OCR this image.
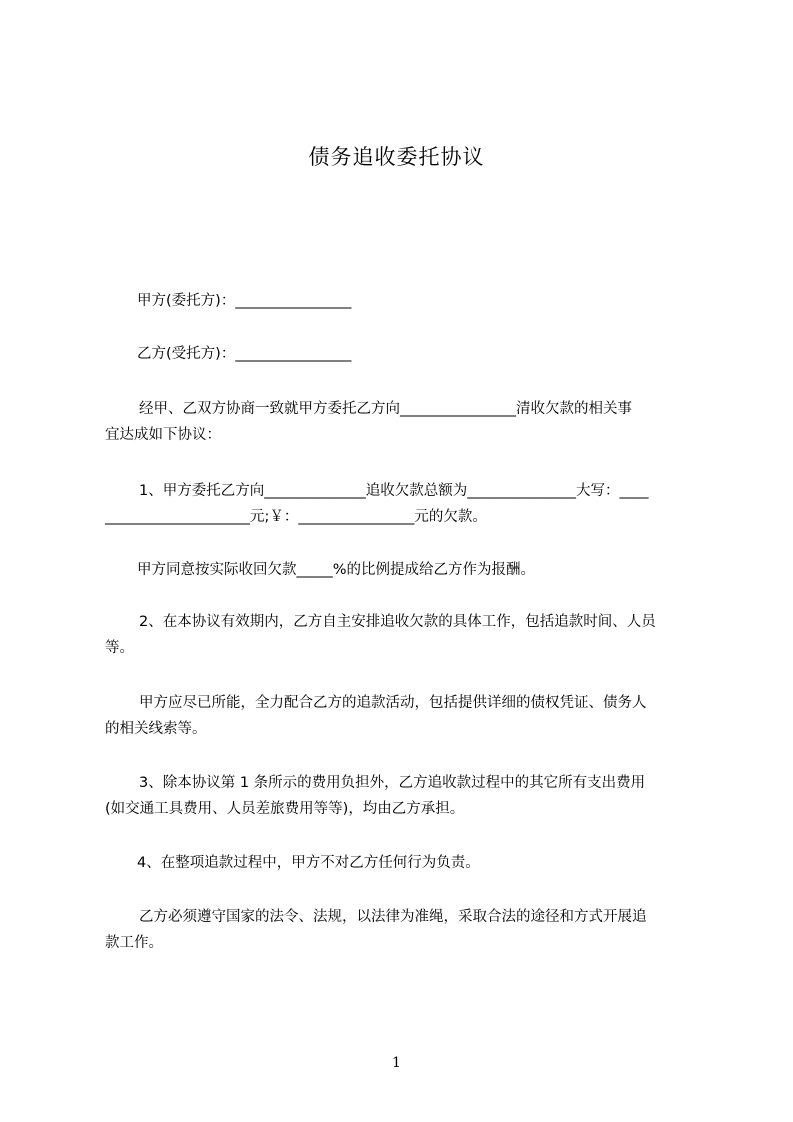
债务追收委托协议
甲方(委托方)：________________
乙方(受托方)：________________
经甲、乙双方协商一致就甲方委托乙方向________________清收欠款的相关事
宜达成如下协议：
1、甲方委托乙方向______________追收欠款总额为_______________大写：____
____________________元;￥：________________元的欠款。
甲方同意按实际收回欠款_____%的比例提成给乙方作为报酬。
2、在本协议有效期内，乙方自主安排追收欠款的具体工作，包括追款时间、人员
等。
甲方应尽已所能，全力配合乙方的追款活动，包括提供详细的债权凭证、债务人
的相关线索等。
3、除本协议第 1 条所示的费用负担外，乙方追收款过程中的其它所有支出费用
(如交通工具费用、人员差旅费用等等)，均由乙方承担。
4、在整项追款过程中，甲方不对乙方任何行为负责。
乙方必须遵守国家的法令、法规，以法律为准绳，采取合法的途径和方式开展追
款工作。
1
